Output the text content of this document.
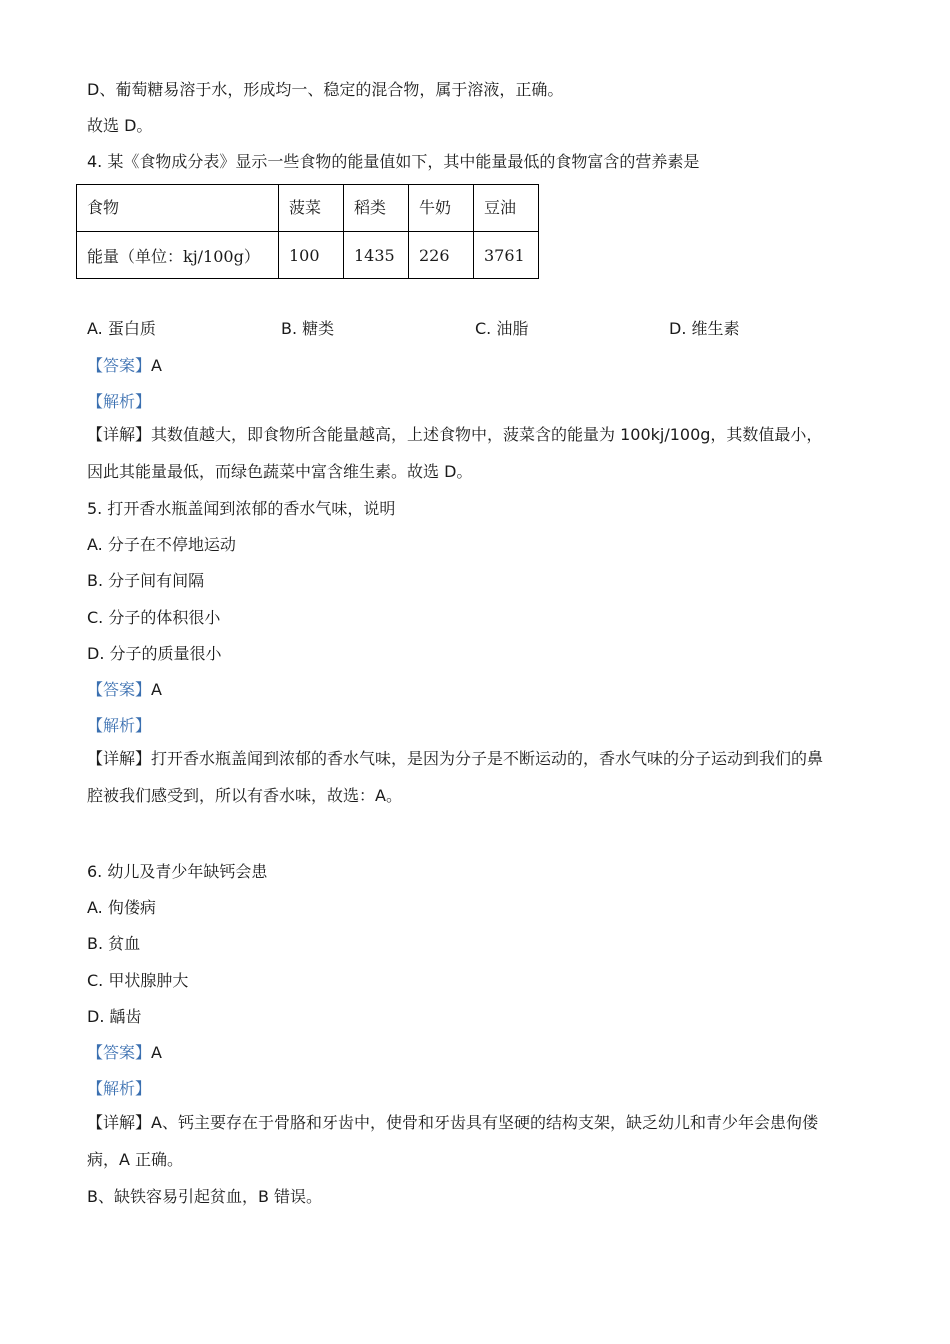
D、葡萄糖易溶于水，形成均一、稳定的混合物，属于溶液，正确。
故选 D。
4. 某《食物成分表》显示一些食物的能量值如下，其中能量最低的食物富含的营养素是
食物	菠菜	稻类	牛奶	豆油
能量（单位：kj/100g）	100	1435	226	3761
A. 蛋白质	B. 糖类	C. 油脂	D. 维生素
【答案】A
【解析】
【详解】其数值越大，即食物所含能量越高，上述食物中，菠菜含的能量为 100kj/100g，其数值最小，
因此其能量最低，而绿色蔬菜中富含维生素。故选 D。
5. 打开香水瓶盖闻到浓郁的香水气味，说明
A. 分子在不停地运动
B. 分子间有间隔
C. 分子的体积很小
D. 分子的质量很小
【答案】A
【解析】
【详解】打开香水瓶盖闻到浓郁的香水气味，是因为分子是不断运动的，香水气味的分子运动到我们的鼻
腔被我们感受到，所以有香水味，故选：A。
6. 幼儿及青少年缺钙会患
A. 佝偻病
B. 贫血
C. 甲状腺肿大
D. 龋齿
【答案】A
【解析】
【详解】A、钙主要存在于骨胳和牙齿中，使骨和牙齿具有坚硬的结构支架，缺乏幼儿和青少年会患佝偻
病，A 正确。
B、缺铁容易引起贫血，B 错误。
